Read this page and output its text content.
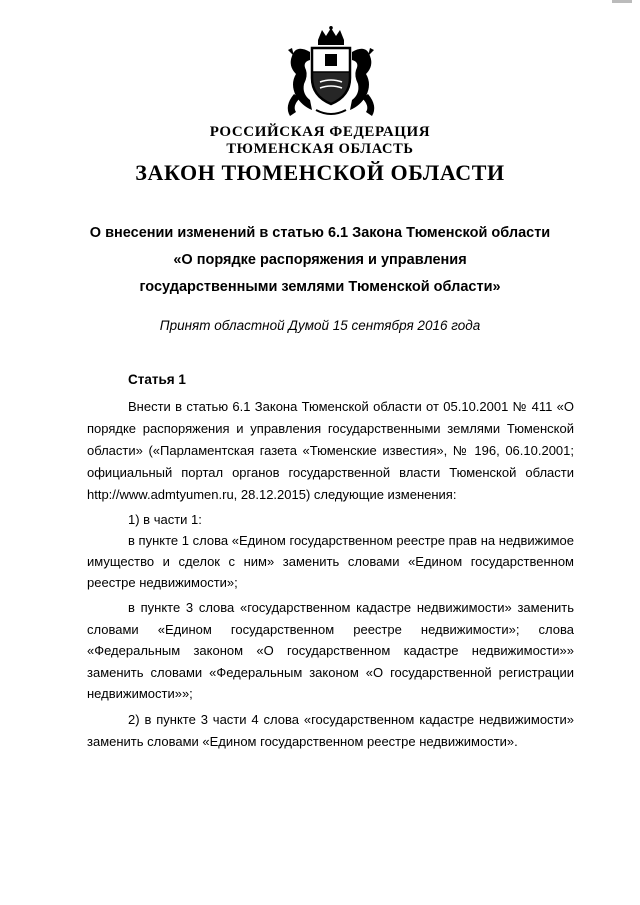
РОССИЙСКАЯ ФЕДЕРАЦИЯ
ТЮМЕНСКАЯ ОБЛАСТЬ
ЗАКОН ТЮМЕНСКОЙ ОБЛАСТИ
О внесении изменений в статью 6.1 Закона Тюменской области
«О порядке распоряжения и управления
государственными землями Тюменской области»
Принят областной Думой 15 сентября 2016 года
Статья 1

Внести в статью 6.1 Закона Тюменской области от 05.10.2001 № 411 «О порядке распоряжения и управления государственными землями Тюменской области» («Парламентская газета «Тюменские известия», № 196, 06.10.2001; официальный портал органов государственной власти Тюменской области http://www.admtyumen.ru, 28.12.2015) следующие изменения:

1) в части 1:

в пункте 1 слова «Едином государственном реестре прав на недвижимое имущество и сделок с ним» заменить словами «Едином государственном реестре недвижимости»;

в пункте 3 слова «государственном кадастре недвижимости» заменить словами «Едином государственном реестре недвижимости»; слова «Федеральным законом «О государственном кадастре недвижимости»» заменить словами «Федеральным законом «О государственной регистрации недвижимости»»;

2) в пункте 3 части 4 слова «государственном кадастре недвижимости» заменить словами «Едином государственном реестре недвижимости».
